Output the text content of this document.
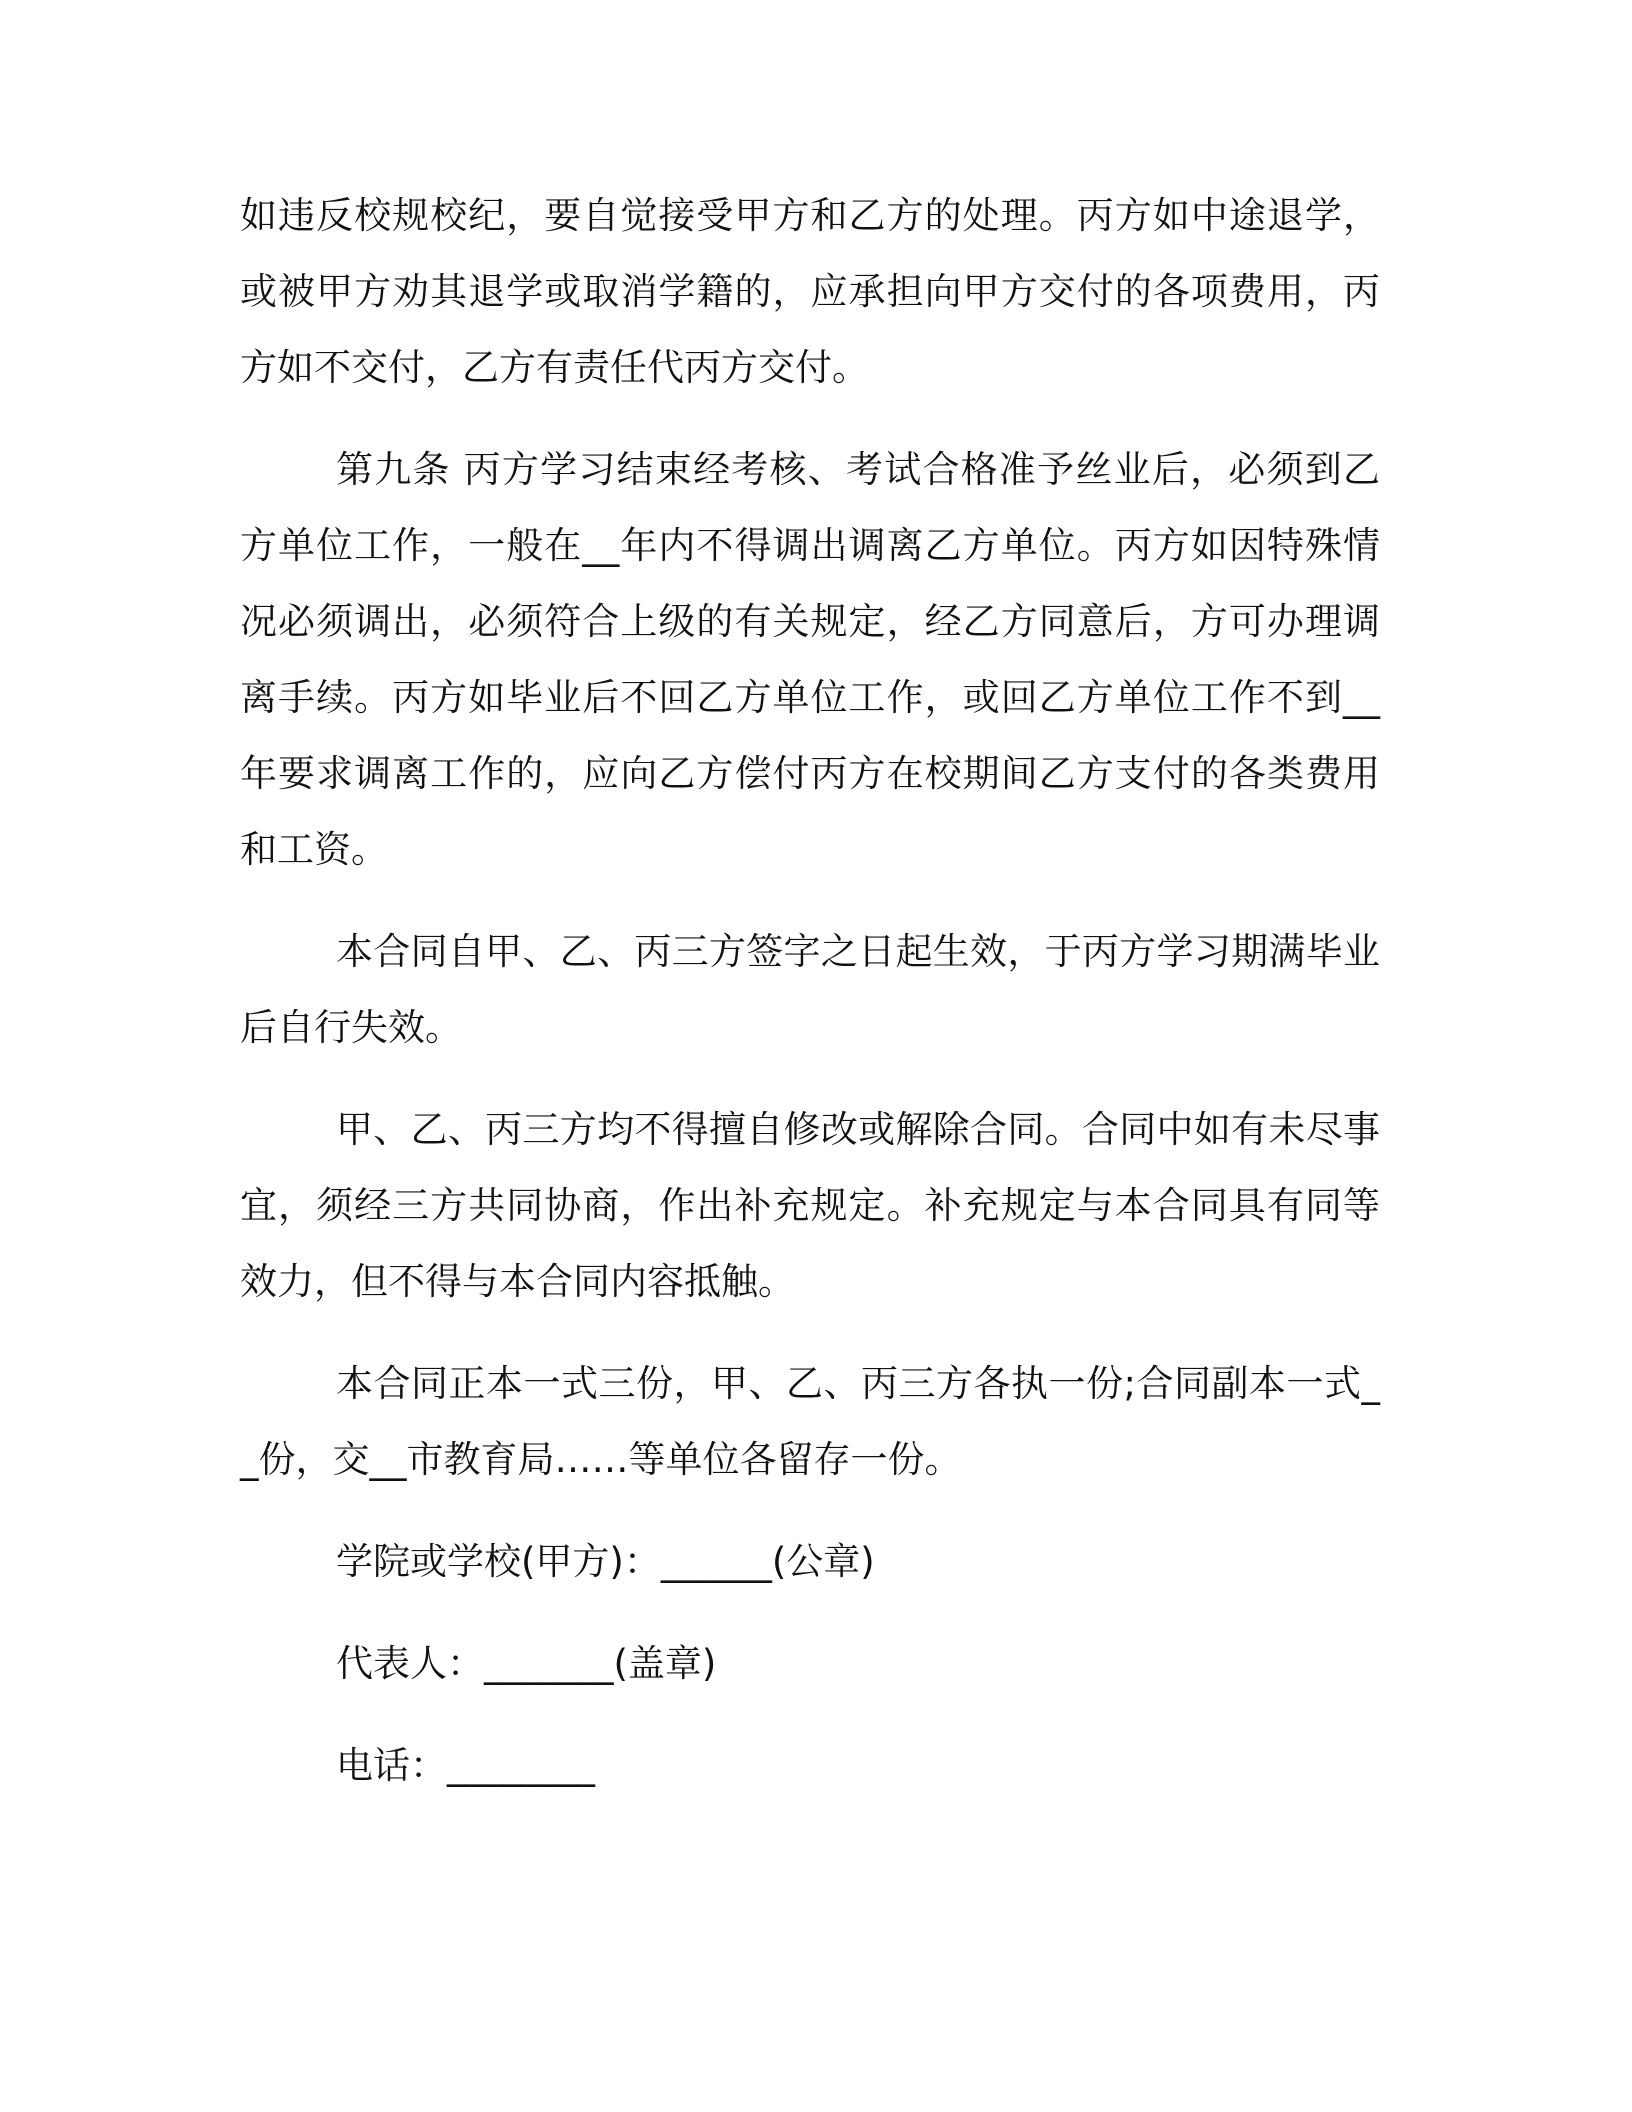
如违反校规校纪，要自觉接受甲方和乙方的处理。丙方如中途退学，或被甲方劝其退学或取消学籍的，应承担向甲方交付的各项费用，丙方如不交付，乙方有责任代丙方交付。

第九条 丙方学习结束经考核、考试合格准予丝业后，必须到乙方单位工作，一般在__年内不得调出调离乙方单位。丙方如因特殊情况必须调出，必须符合上级的有关规定，经乙方同意后，方可办理调离手续。丙方如毕业后不回乙方单位工作，或回乙方单位工作不到__年要求调离工作的，应向乙方偿付丙方在校期间乙方支付的各类费用和工资。

本合同自甲、乙、丙三方签字之日起生效，于丙方学习期满毕业后自行失效。

甲、乙、丙三方均不得擅自修改或解除合同。合同中如有未尽事宜，须经三方共同协商，作出补充规定。补充规定与本合同具有同等效力，但不得与本合同内容抵触。

本合同正本一式三份，甲、乙、丙三方各执一份;合同副本一式__份，交__市教育局……等单位各留存一份。

学院或学校(甲方)：______(公章)
代表人：_______(盖章)
电话：________
